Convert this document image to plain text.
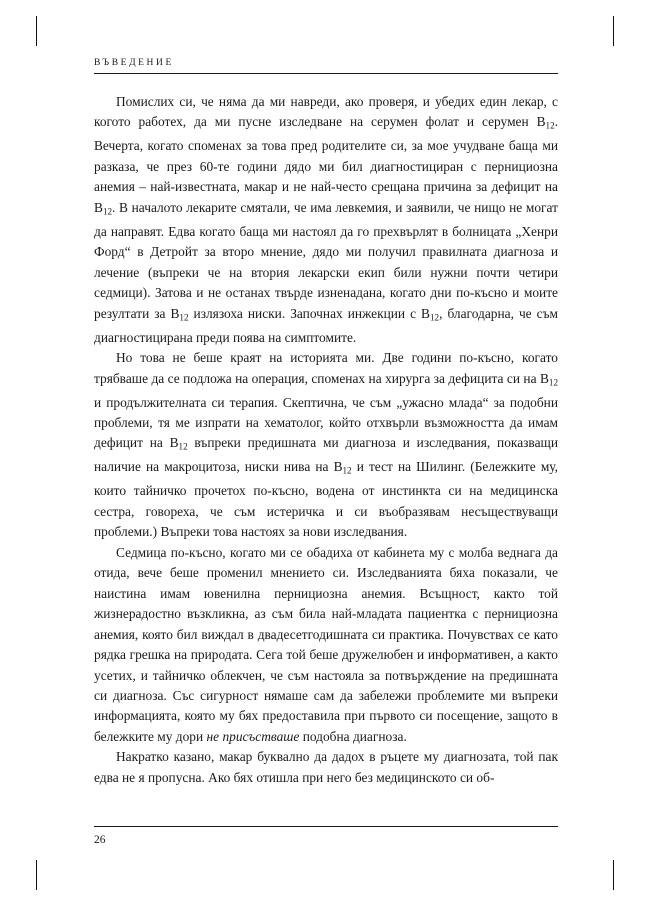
ВЪВЕДЕНИЕ

Помислих си, че няма да ми навреди, ако проверя, и убедих един лекар, с когото работех, да ми пусне изследване на серумен фолат и серумен $B_{12}$. Вечерта, когато споменах за това пред родителите си, за мое учудване баща ми разказа, че през 60-те години дядо ми бил диагностициран с пернициозна анемия – най-известната, макар и не най-често срещана причина за дефицит на $B_{12}$. В началото лекарите смятали, че има левкемия, и заявили, че нищо не могат да направят. Едва когато баща ми настоял да го прехвърлят в болницата „Хенри Форд“ в Детройт за второ мнение, дядо ми получил правилната диагноза и лечение (въпреки че на втория лекарски екип били нужни почти четири седмици). Затова и не останах твърде изненадана, когато дни по-късно и моите резултати за $B_{12}$ излязоха ниски. Започнах инжекции с $B_{12}$, благодарна, че съм диагностицирана преди поява на симптомите.

Но това не беше краят на историята ми. Две години по-късно, когато трябваше да се подложа на операция, споменах на хирурга за дефицита си на $B_{12}$ и продължителната си терапия. Скептична, че съм „ужасно млада“ за подобни проблеми, тя ме изпрати на хематолог, който отхвърли възможността да имам дефицит на $B_{12}$ въпреки предишната ми диагноза и изследвания, показващи наличие на макроцитоза, ниски нива на $B_{12}$ и тест на Шилинг. (Бележките му, които тайничко прочетох по-късно, водена от инстинкта си на медицинска сестра, говореха, че съм истеричка и си въобразявам несъществуващи проблеми.) Въпреки това настоях за нови изследвания.

Седмица по-късно, когато ми се обадиха от кабинета му с молба веднага да отида, вече беше променил мнението си. Изследванията бяха показали, че наистина имам ювенилна пернициозна анемия. Всъщност, както той жизнерадостно възкликна, аз съм била най-младата пациентка с пернициозна анемия, която бил виждал в двадесетгодишната си практика. Почувствах се като рядка грешка на природата. Сега той беше дружелюбен и информативен, а както усетих, и тайничко облекчен, че съм настояла за потвърждение на предишната си диагноза. Със сигурност нямаше сам да забележи проблемите ми въпреки информацията, която му бях предоставила при първото си посещение, защото в бележките му дори не присъстваше подобна диагноза.

Накратко казано, макар буквално да дадох в ръцете му диагнозата, той пак едва не я пропусна. Ако бях отишла при него без медицинското си об-

26
